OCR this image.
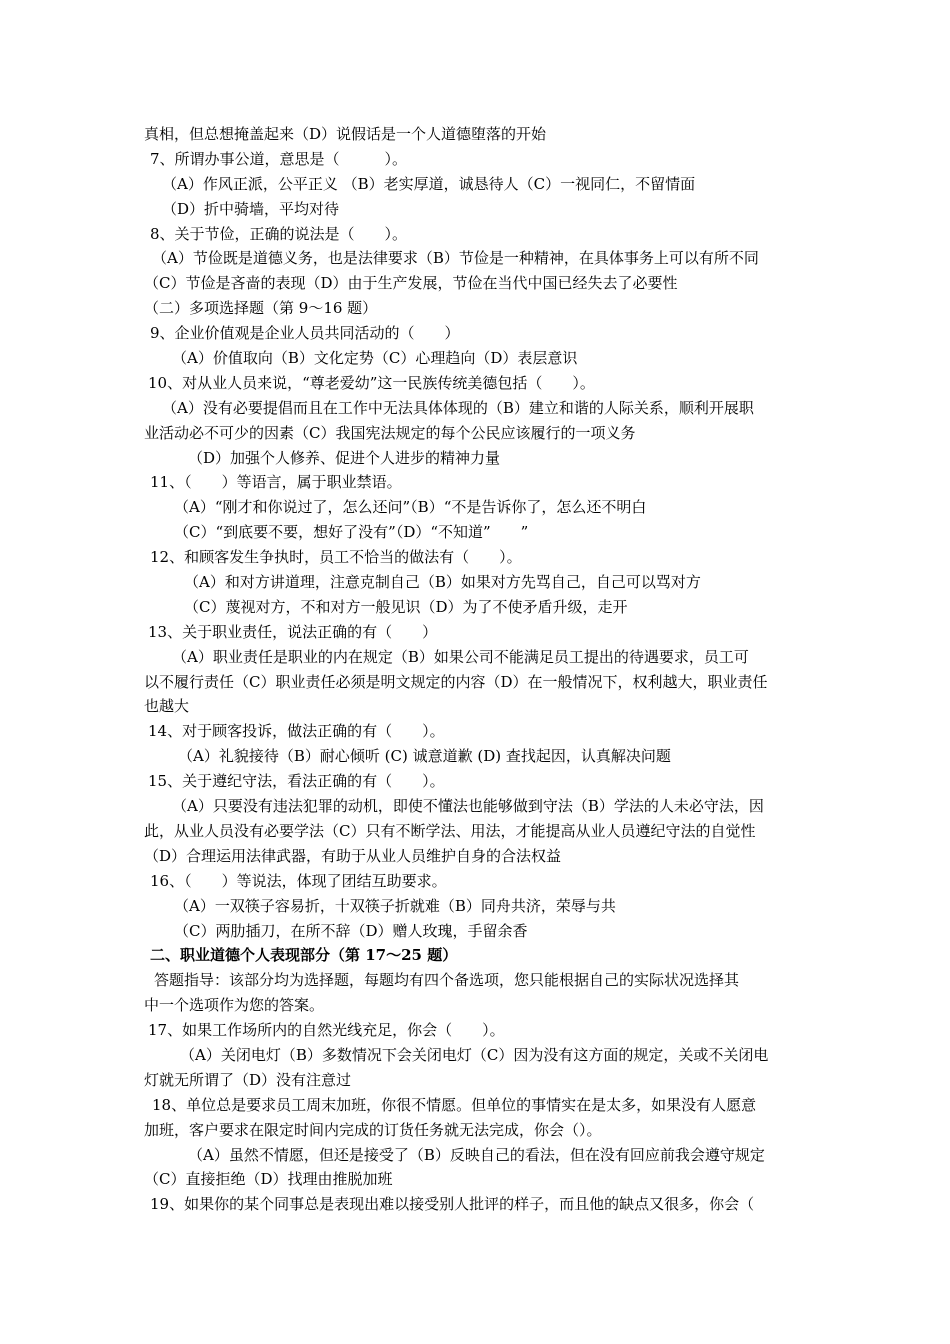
真相，但总想掩盖起来（D）说假话是一个人道德堕落的开始
7、所谓办事公道，意思是（　　　）。
（A）作风正派，公平正义 （B）老实厚道，诚恳待人（C）一视同仁，不留情面
（D）折中骑墙，平均对待
8、关于节俭，正确的说法是（　　）。
（A）节俭既是道德义务，也是法律要求（B）节俭是一种精神，在具体事务上可以有所不同
（C）节俭是吝啬的表现（D）由于生产发展，节俭在当代中国已经失去了必要性
（二）多项选择题（第 9～16 题）
9、企业价值观是企业人员共同活动的（　　）
（A）价值取向（B）文化定势（C）心理趋向（D）表层意识
10、对从业人员来说，“尊老爱幼”这一民族传统美德包括（　　）。
（A）没有必要提倡而且在工作中无法具体体现的（B）建立和谐的人际关系，顺利开展职
业活动必不可少的因素（C）我国宪法规定的每个公民应该履行的一项义务
（D）加强个人修养、促进个人进步的精神力量
11、（　　）等语言，属于职业禁语。
（A）“刚才和你说过了，怎么还问”（B）“不是告诉你了，怎么还不明白
（C）“到底要不要，想好了没有”（D）“不知道”　　”
12、和顾客发生争执时，员工不恰当的做法有（　　）。
（A）和对方讲道理，注意克制自己（B）如果对方先骂自己，自己可以骂对方
（C）蔑视对方，不和对方一般见识（D）为了不使矛盾升级，走开
13、关于职业责任，说法正确的有（　　）
（A）职业责任是职业的内在规定（B）如果公司不能满足员工提出的待遇要求，员工可
以不履行责任（C）职业责任必须是明文规定的内容（D）在一般情况下，权利越大，职业责任
也越大
14、对于顾客投诉，做法正确的有（　　）。
（A）礼貌接待（B）耐心倾听 (C) 诚意道歉 (D) 查找起因，认真解决问题
15、关于遵纪守法，看法正确的有（　　）。
（A）只要没有违法犯罪的动机，即使不懂法也能够做到守法（B）学法的人未必守法，因
此，从业人员没有必要学法（C）只有不断学法、用法，才能提高从业人员遵纪守法的自觉性
（D）合理运用法律武器，有助于从业人员维护自身的合法权益
16、（　　）等说法，体现了团结互助要求。
（A）一双筷子容易折，十双筷子折就难（B）同舟共济，荣辱与共
（C）两肋插刀，在所不辞（D）赠人玫瑰，手留余香
二、职业道德个人表现部分（第 17～25 题）
答题指导：该部分均为选择题，每题均有四个备选项，您只能根据自己的实际状况选择其
中一个选项作为您的答案。
17、如果工作场所内的自然光线充足，你会（　　）。
（A）关闭电灯（B）多数情况下会关闭电灯（C）因为没有这方面的规定，关或不关闭电
灯就无所谓了（D）没有注意过
18、单位总是要求员工周末加班，你很不情愿。但单位的事情实在是太多，如果没有人愿意
加班，客户要求在限定时间内完成的订货任务就无法完成，你会（）。
（A）虽然不情愿，但还是接受了（B）反映自己的看法，但在没有回应前我会遵守规定
（C）直接拒绝（D）找理由推脱加班
19、如果你的某个同事总是表现出难以接受别人批评的样子，而且他的缺点又很多，你会（
